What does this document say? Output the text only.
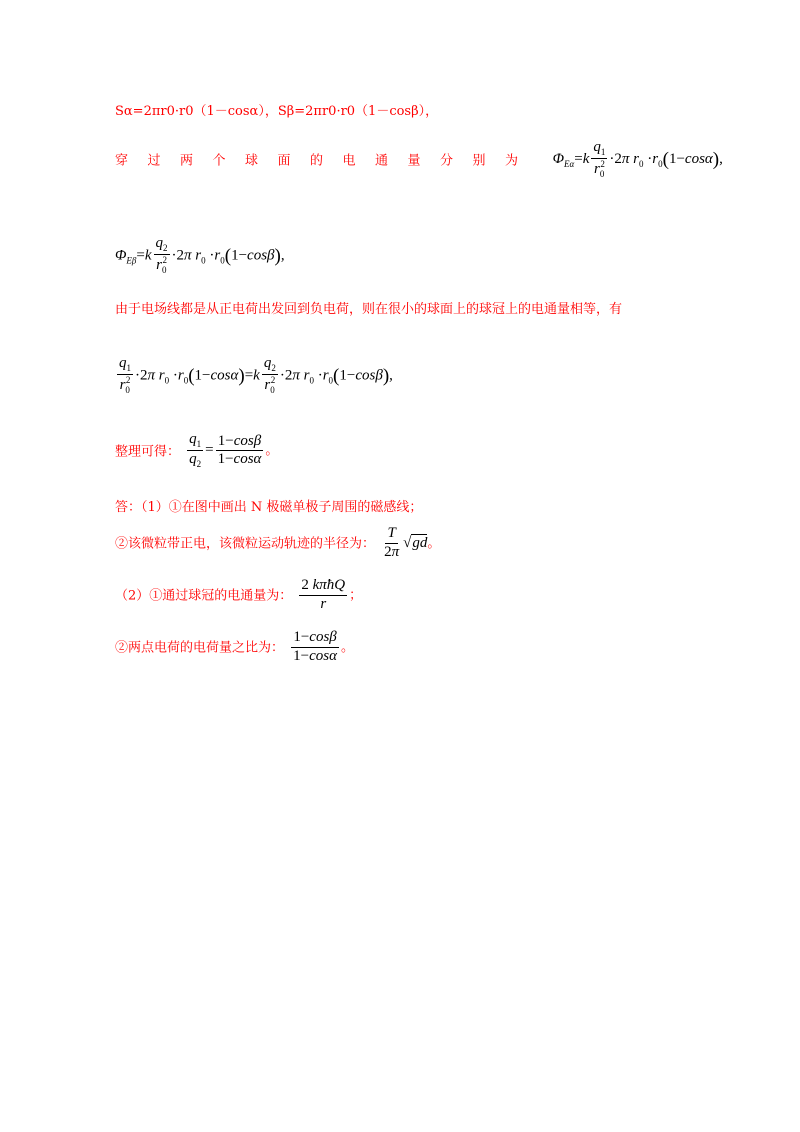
Sα=2πr0·r0（1－cosα），Sβ=2πr0·r0（1－cosβ），
穿过两个球面的电通量分别为 $\Phi_{E\alpha}=k \frac{q_1}{r_0^2} \cdot 2\pi$ $r_0 \cdot r_0(1-\cos\alpha)$,
$\Phi_{E\beta}=k \frac{q_2}{r_0^2} \cdot 2\pi$ $r_0 \cdot r_0(1-\cos\beta)$,
由于电场线都是从正电荷出发回到负电荷，则在很小的球面上的球冠上的电通量相等，有
$\frac{q_1}{r_0^2} \cdot 2\pi$ $r_0 \cdot r_0(1-\cos\alpha)=k \frac{q_2}{r_0^2} \cdot 2\pi$ $r_0 \cdot r_0(1-\cos\beta)$,
整理可得： $\frac{q_1}{q_2} = \frac{1-\cos\beta}{1-\cos\alpha}$ 。
答：（1）①在图中画出 N 极磁单极子周围的磁感线；
②该微粒带正电，该微粒运动轨迹的半径为： $\frac{T}{2\pi} √gd$。
（2）①通过球冠的电通量为： $\frac{\text{2 kπħQ}}{r}$ ；
②两点电荷的电荷量之比为： $\frac{1-\cos\beta}{1-\cos\alpha}$ 。
